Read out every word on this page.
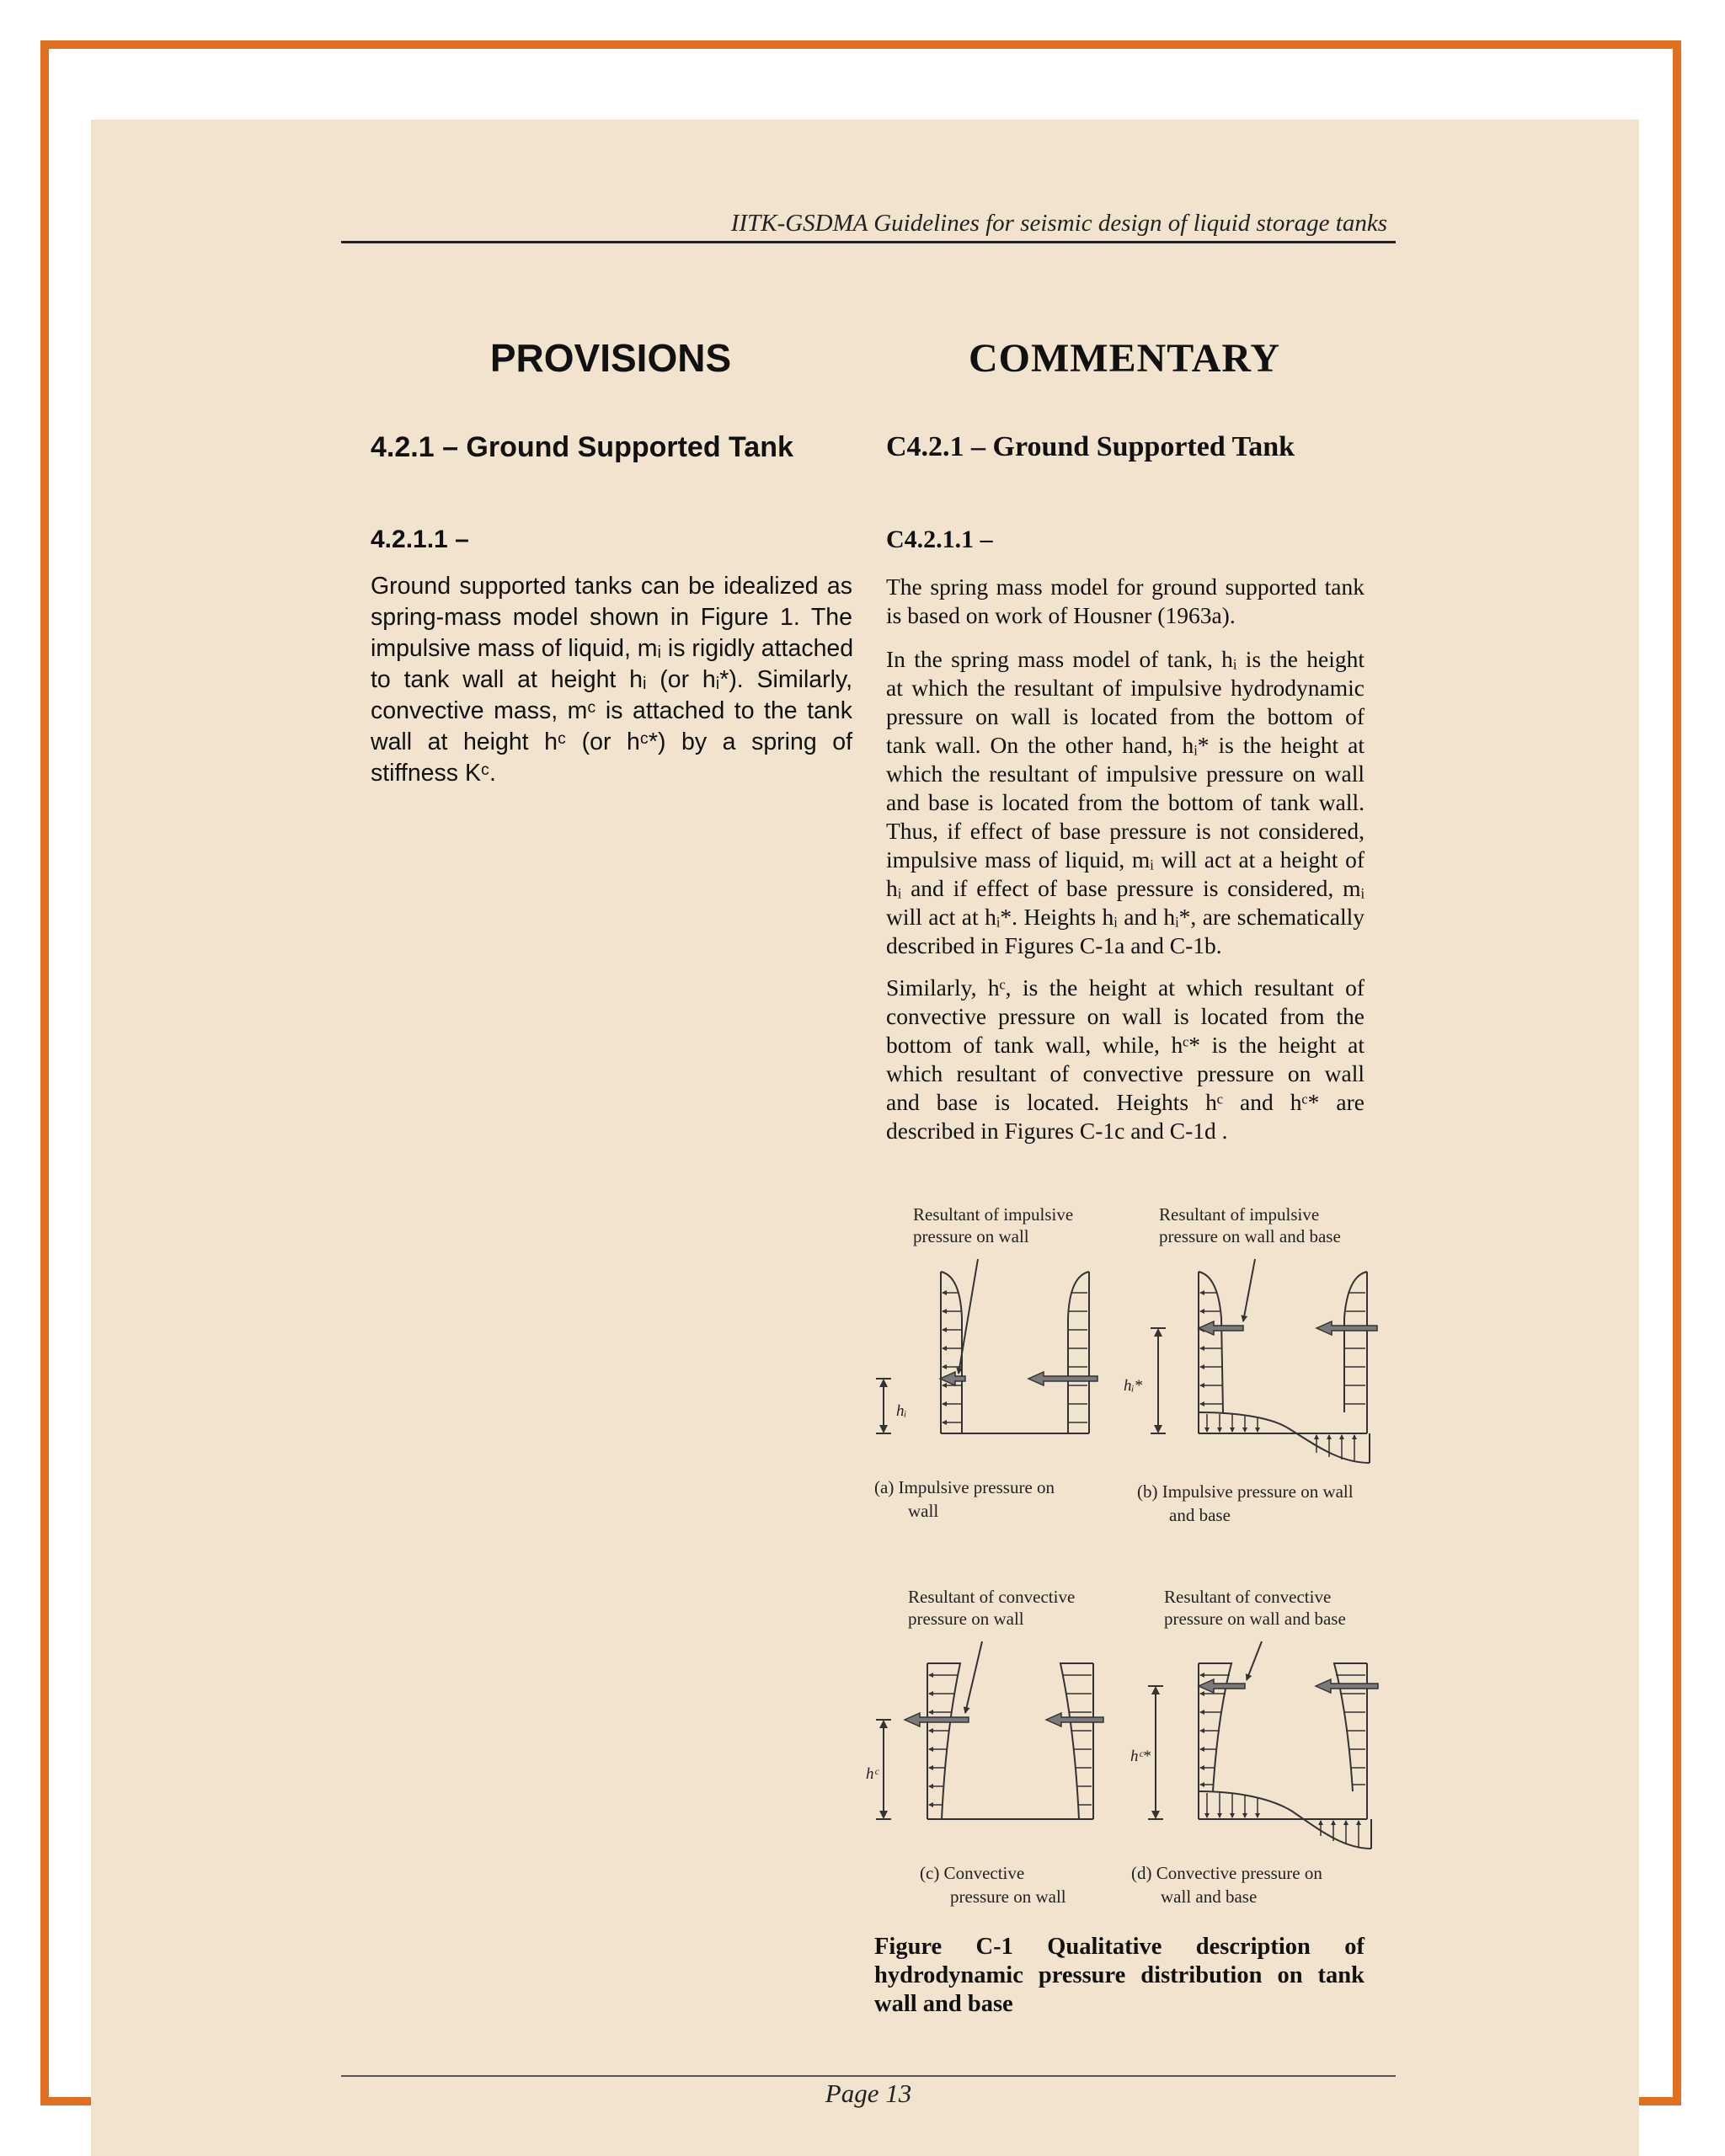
IITK-GSDMA Guidelines for seismic design of liquid storage tanks
PROVISIONS	COMMENTARY
4.2.1 – Ground Supported Tank	C4.2.1 – Ground Supported Tank
4.2.1.1 –	C4.2.1.1 –
Ground supported tanks can be idealized as
spring-mass model shown in Figure 1. The
impulsive mass of liquid, mᵢ is rigidly attached
to tank wall at height hᵢ (or hᵢ*). Similarly,
convective mass, mᶜ is attached to the tank
wall at height hᶜ (or hᶜ*) by a spring of
stiffness Kᶜ.
The spring mass model for ground supported tank
is based on work of Housner (1963a).
In the spring mass model of tank, hᵢ is the height
at which the resultant of impulsive hydrodynamic
pressure on wall is located from the bottom of
tank wall. On the other hand, hᵢ* is the height at
which the resultant of impulsive pressure on wall
and base is located from the bottom of tank wall.
Thus, if effect of base pressure is not considered,
impulsive mass of liquid, mᵢ will act at a height of
hᵢ and if effect of base pressure is considered, mᵢ
will act at hᵢ*. Heights hᵢ and hᵢ*, are schematically
described in Figures C-1a and C-1b.
Similarly, hᶜ, is the height at which resultant of
convective pressure on wall is located from the
bottom of tank wall, while, hᶜ* is the height at
which resultant of convective pressure on wall
and base is located. Heights hᶜ and hᶜ* are
described in Figures C-1c and C-1d .
Resultant of impulsive
pressure on wall
hᵢ
(a) Impulsive pressure on
wall
Resultant of impulsive
pressure on wall and base
hᵢ*
(b) Impulsive pressure on wall
and base
Resultant of convective
pressure on wall
hᶜ
(c) Convective
pressure on wall
Resultant of convective
pressure on wall and base
hᶜ*
(d) Convective pressure on
wall and base
Figure C-1 Qualitative description of
hydrodynamic pressure distribution on tank
wall and base
Page 13
